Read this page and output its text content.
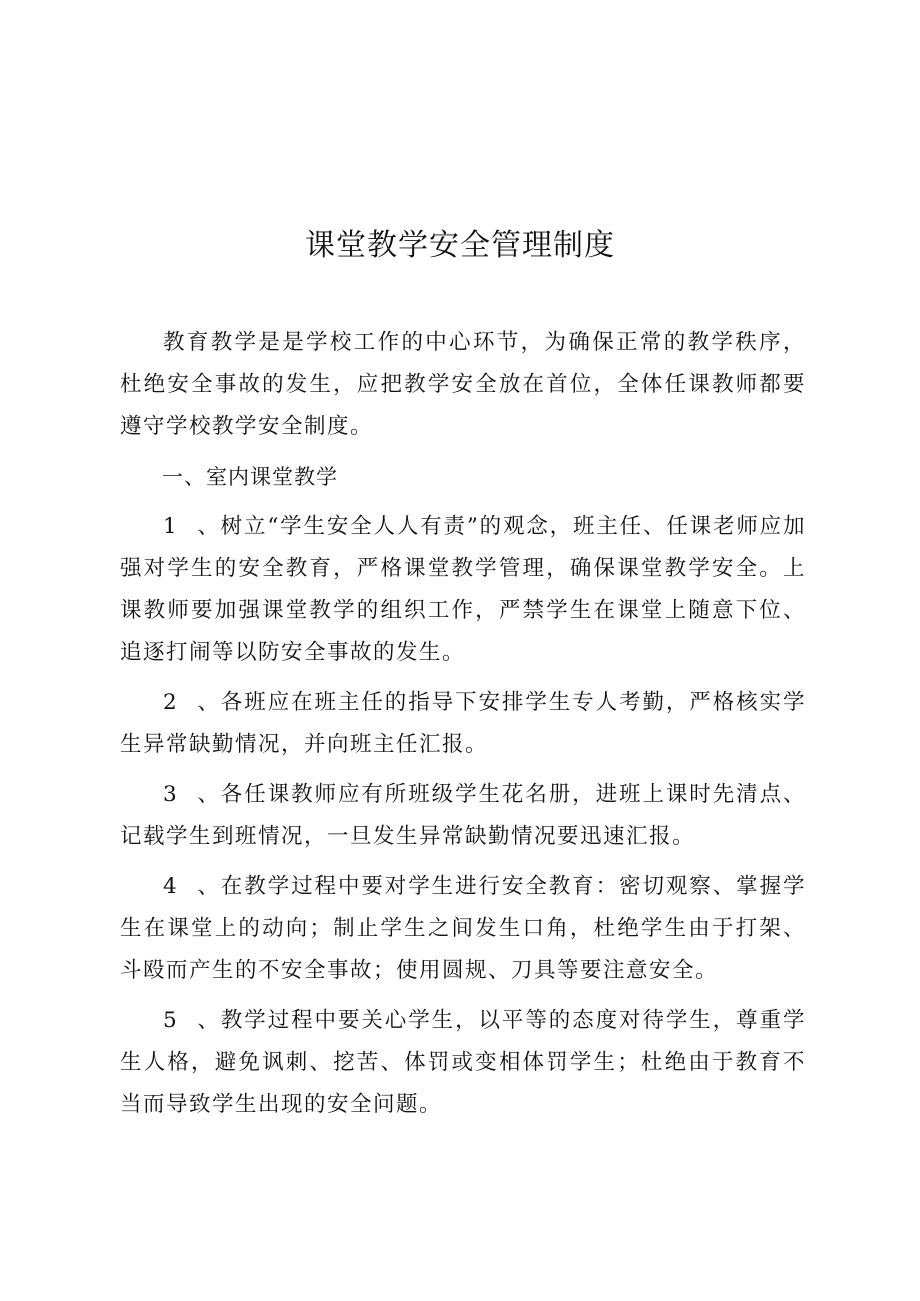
课堂教学安全管理制度

教育教学是是学校工作的中心环节，为确保正常的教学秩序，杜绝安全事故的发生，应把教学安全放在首位，全体任课教师都要遵守学校教学安全制度。

一、室内课堂教学

1 、树立“学生安全人人有责”的观念，班主任、任课老师应加强对学生的安全教育，严格课堂教学管理，确保课堂教学安全。上课教师要加强课堂教学的组织工作，严禁学生在课堂上随意下位、追逐打闹等以防安全事故的发生。

2 、各班应在班主任的指导下安排学生专人考勤，严格核实学生异常缺勤情况，并向班主任汇报。

3 、各任课教师应有所班级学生花名册，进班上课时先清点、记载学生到班情况，一旦发生异常缺勤情况要迅速汇报。

4 、在教学过程中要对学生进行安全教育：密切观察、掌握学生在课堂上的动向；制止学生之间发生口角，杜绝学生由于打架、斗殴而产生的不安全事故；使用圆规、刀具等要注意安全。

5 、教学过程中要关心学生，以平等的态度对待学生，尊重学生人格，避免讽刺、挖苦、体罚或变相体罚学生；杜绝由于教育不当而导致学生出现的安全问题。
